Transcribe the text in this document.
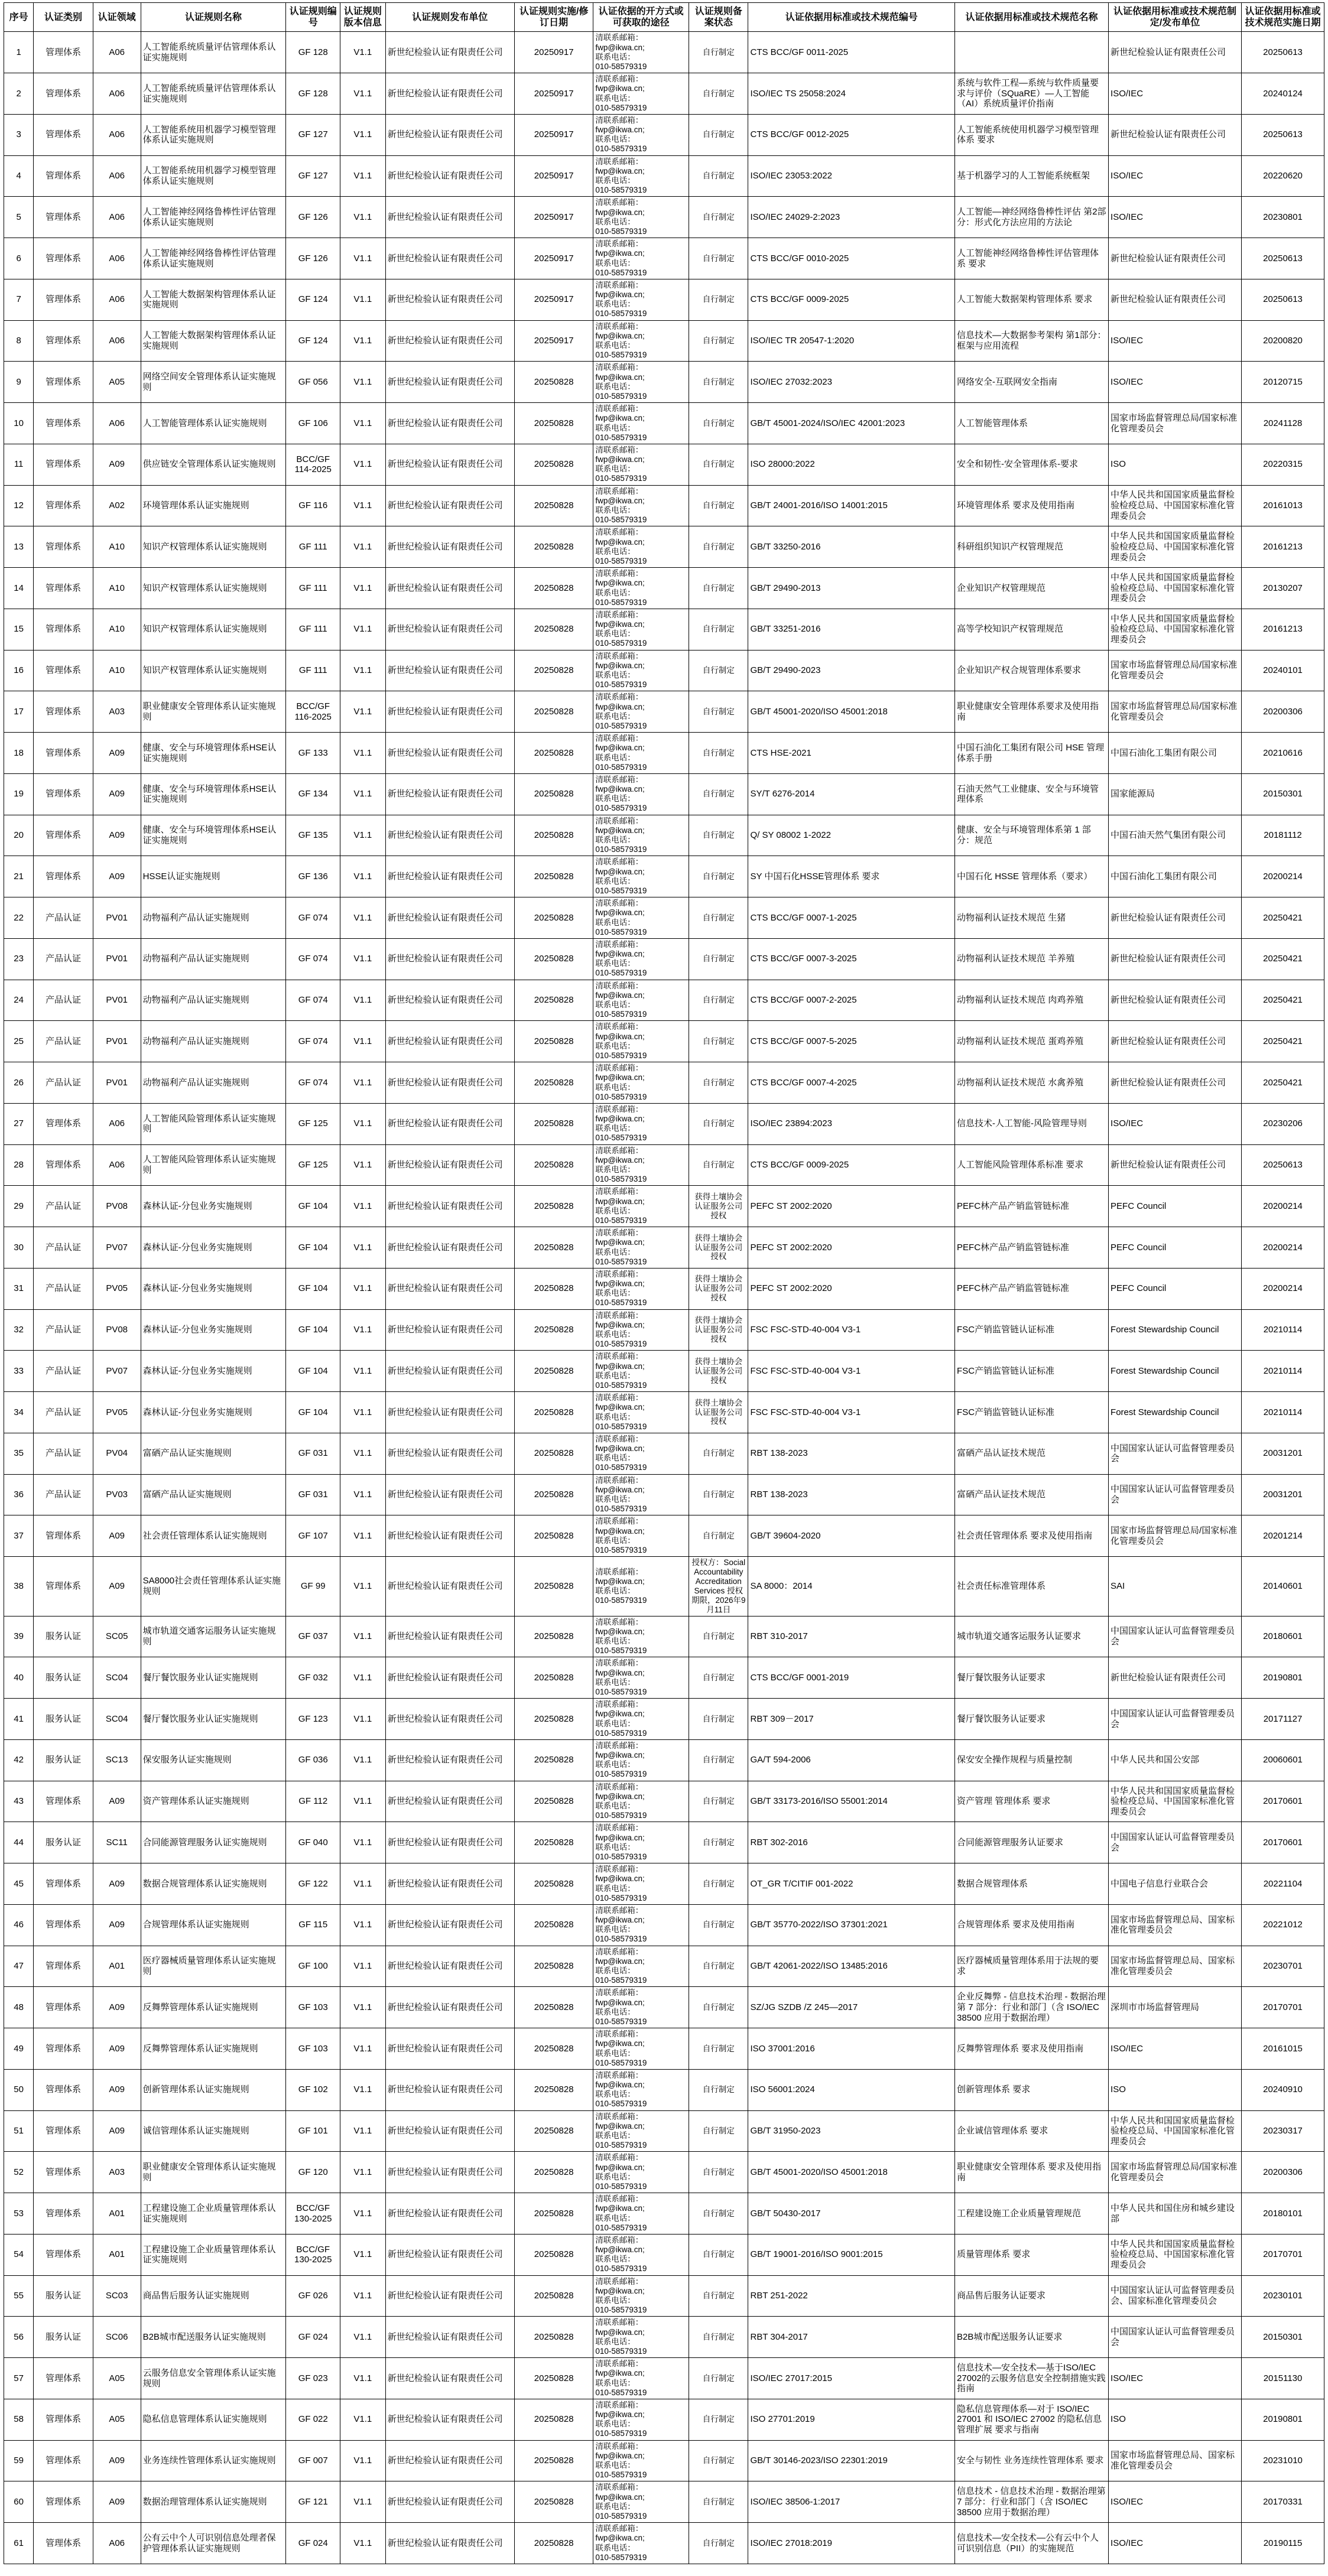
序号	认证类别	认证领域	认证规则名称	认证规则编号	认证规则版本信息	认证规则发布单位	认证规则实施/修订日期	认证依据的开方式或可获取的途径	认证规则备案状态	认证依据用标准或技术规范编号	认证依据用标准或技术规范名称	认证依据用标准或技术规范制定/发布单位	认证依据用标准或技术规范实施日期
1	管理体系	A06	人工智能系统质量评估管理体系认证实施规则	GF 128	V1.1	新世纪检验认证有限责任公司	20250917	清联系邮箱：
fwp@ikwa.cn;
联系电话：
010-58579319	自行制定	CTS BCC/GF 0011-2025		新世纪检验认证有限责任公司	20250613
2	管理体系	A06	人工智能系统质量评估管理体系认证实施规则	GF 128	V1.1	新世纪检验认证有限责任公司	20250917	清联系邮箱：
fwp@ikwa.cn;
联系电话：
010-58579319	自行制定	ISO/IEC TS 25058:2024	系统与软件工程—系统与软件质量要求与评价（SQuaRE）—人工智能（AI）系统质量评价指南	ISO/IEC	20240124
3	管理体系	A06	人工智能系统用机器学习模型管理体系认证实施规则	GF 127	V1.1	新世纪检验认证有限责任公司	20250917	清联系邮箱：
fwp@ikwa.cn;
联系电话：
010-58579319	自行制定	CTS BCC/GF 0012-2025	人工智能系统使用机器学习模型管理体系 要求	新世纪检验认证有限责任公司	20250613
4	管理体系	A06	人工智能系统用机器学习模型管理体系认证实施规则	GF 127	V1.1	新世纪检验认证有限责任公司	20250917	清联系邮箱：
fwp@ikwa.cn;
联系电话：
010-58579319	自行制定	ISO/IEC 23053:2022	基于机器学习的人工智能系统框架	ISO/IEC	20220620
5	管理体系	A06	人工智能神经网络鲁棒性评估管理体系认证实施规则	GF 126	V1.1	新世纪检验认证有限责任公司	20250917	清联系邮箱：
fwp@ikwa.cn;
联系电话：
010-58579319	自行制定	ISO/IEC 24029-2:2023	人工智能—神经网络鲁棒性评估 第2部分：形式化方法应用的方法论	ISO/IEC	20230801
6	管理体系	A06	人工智能神经网络鲁棒性评估管理体系认证实施规则	GF 126	V1.1	新世纪检验认证有限责任公司	20250917	清联系邮箱：
fwp@ikwa.cn;
联系电话：
010-58579319	自行制定	CTS BCC/GF 0010-2025	人工智能神经网络鲁棒性评估管理体系 要求	新世纪检验认证有限责任公司	20250613
7	管理体系	A06	人工智能大数据架构管理体系认证实施规则	GF 124	V1.1	新世纪检验认证有限责任公司	20250917	清联系邮箱：
fwp@ikwa.cn;
联系电话：
010-58579319	自行制定	CTS BCC/GF 0009-2025	人工智能大数据架构管理体系 要求	新世纪检验认证有限责任公司	20250613
8	管理体系	A06	人工智能大数据架构管理体系认证实施规则	GF 124	V1.1	新世纪检验认证有限责任公司	20250917	清联系邮箱：
fwp@ikwa.cn;
联系电话：
010-58579319	自行制定	ISO/IEC TR 20547-1:2020	信息技术—大数据参考架构 第1部分：框架与应用流程	ISO/IEC	20200820
9	管理体系	A05	网络空间安全管理体系认证实施规则	GF 056	V1.1	新世纪检验认证有限责任公司	20250828	清联系邮箱：
fwp@ikwa.cn;
联系电话：
010-58579319	自行制定	ISO/IEC 27032:2023	网络安全-互联网安全指南	ISO/IEC	20120715
10	管理体系	A06	人工智能管理体系认证实施规则	GF 106	V1.1	新世纪检验认证有限责任公司	20250828	清联系邮箱：
fwp@ikwa.cn;
联系电话：
010-58579319	自行制定	GB/T 45001-2024/ISO/IEC 42001:2023	人工智能管理体系	国家市场监督管理总局/国家标准化管理委员会	20241128
11	管理体系	A09	供应链安全管理体系认证实施规则	BCC/GF 114-2025	V1.1	新世纪检验认证有限责任公司	20250828	清联系邮箱：
fwp@ikwa.cn;
联系电话：
010-58579319	自行制定	ISO 28000:2022	安全和韧性-安全管理体系-要求	ISO	20220315
12	管理体系	A02	环境管理体系认证实施规则	GF 116	V1.1	新世纪检验认证有限责任公司	20250828	清联系邮箱：
fwp@ikwa.cn;
联系电话：
010-58579319	自行制定	GB/T 24001-2016/ISO 14001:2015	环境管理体系 要求及使用指南	中华人民共和国国家质量监督检验检疫总局、中国国家标准化管理委员会	20161013
13	管理体系	A10	知识产权管理体系认证实施规则	GF 111	V1.1	新世纪检验认证有限责任公司	20250828	清联系邮箱：
fwp@ikwa.cn;
联系电话：
010-58579319	自行制定	GB/T 33250-2016	科研组织知识产权管理规范	中华人民共和国国家质量监督检验检疫总局、中国国家标准化管理委员会	20161213
14	管理体系	A10	知识产权管理体系认证实施规则	GF 111	V1.1	新世纪检验认证有限责任公司	20250828	清联系邮箱：
fwp@ikwa.cn;
联系电话：
010-58579319	自行制定	GB/T 29490-2013	企业知识产权管理规范	中华人民共和国国家质量监督检验检疫总局、中国国家标准化管理委员会	20130207
15	管理体系	A10	知识产权管理体系认证实施规则	GF 111	V1.1	新世纪检验认证有限责任公司	20250828	清联系邮箱：
fwp@ikwa.cn;
联系电话：
010-58579319	自行制定	GB/T 33251-2016	高等学校知识产权管理规范	中华人民共和国国家质量监督检验检疫总局、中国国家标准化管理委员会	20161213
16	管理体系	A10	知识产权管理体系认证实施规则	GF 111	V1.1	新世纪检验认证有限责任公司	20250828	清联系邮箱：
fwp@ikwa.cn;
联系电话：
010-58579319	自行制定	GB/T 29490-2023	企业知识产权合规管理体系要求	国家市场监督管理总局/国家标准化管理委员会	20240101
17	管理体系	A03	职业健康安全管理体系认证实施规则	BCC/GF 116-2025	V1.1	新世纪检验认证有限责任公司	20250828	清联系邮箱：
fwp@ikwa.cn;
联系电话：
010-58579319	自行制定	GB/T 45001-2020/ISO 45001:2018	职业健康安全管理体系要求及使用指南	国家市场监督管理总局/国家标准化管理委员会	20200306
18	管理体系	A09	健康、安全与环境管理体系HSE认证实施规则	GF 133	V1.1	新世纪检验认证有限责任公司	20250828	清联系邮箱：
fwp@ikwa.cn;
联系电话：
010-58579319	自行制定	CTS HSE-2021	中国石油化工集团有限公司 HSE 管理体系手册	中国石油化工集团有限公司	20210616
19	管理体系	A09	健康、安全与环境管理体系HSE认证实施规则	GF 134	V1.1	新世纪检验认证有限责任公司	20250828	清联系邮箱：
fwp@ikwa.cn;
联系电话：
010-58579319	自行制定	SY/T 6276-2014	石油天然气工业健康、安全与环境管理体系	国家能源局	20150301
20	管理体系	A09	健康、安全与环境管理体系HSE认证实施规则	GF 135	V1.1	新世纪检验认证有限责任公司	20250828	清联系邮箱：
fwp@ikwa.cn;
联系电话：
010-58579319	自行制定	Q/ SY 08002 1-2022	健康、安全与环境管理体系第 1 部分：规范	中国石油天然气集团有限公司	20181112
21	管理体系	A09	HSSE认证实施规则	GF 136	V1.1	新世纪检验认证有限责任公司	20250828	清联系邮箱：
fwp@ikwa.cn;
联系电话：
010-58579319	自行制定	SY 中国石化HSSE管理体系 要求	中国石化 HSSE 管理体系（要求）	中国石油化工集团有限公司	20200214
22	产品认证	PV01	动物福利产品认证实施规则	GF 074	V1.1	新世纪检验认证有限责任公司	20250828	清联系邮箱：
fwp@ikwa.cn;
联系电话：
010-58579319	自行制定	CTS BCC/GF 0007-1-2025	动物福利认证技术规范 生猪	新世纪检验认证有限责任公司	20250421
23	产品认证	PV01	动物福利产品认证实施规则	GF 074	V1.1	新世纪检验认证有限责任公司	20250828	清联系邮箱：
fwp@ikwa.cn;
联系电话：
010-58579319	自行制定	CTS BCC/GF 0007-3-2025	动物福利认证技术规范 羊养殖	新世纪检验认证有限责任公司	20250421
24	产品认证	PV01	动物福利产品认证实施规则	GF 074	V1.1	新世纪检验认证有限责任公司	20250828	清联系邮箱：
fwp@ikwa.cn;
联系电话：
010-58579319	自行制定	CTS BCC/GF 0007-2-2025	动物福利认证技术规范 肉鸡养殖	新世纪检验认证有限责任公司	20250421
25	产品认证	PV01	动物福利产品认证实施规则	GF 074	V1.1	新世纪检验认证有限责任公司	20250828	清联系邮箱：
fwp@ikwa.cn;
联系电话：
010-58579319	自行制定	CTS BCC/GF 0007-5-2025	动物福利认证技术规范 蛋鸡养殖	新世纪检验认证有限责任公司	20250421
26	产品认证	PV01	动物福利产品认证实施规则	GF 074	V1.1	新世纪检验认证有限责任公司	20250828	清联系邮箱：
fwp@ikwa.cn;
联系电话：
010-58579319	自行制定	CTS BCC/GF 0007-4-2025	动物福利认证技术规范 水禽养殖	新世纪检验认证有限责任公司	20250421
27	管理体系	A06	人工智能风险管理体系认证实施规则	GF 125	V1.1	新世纪检验认证有限责任公司	20250828	清联系邮箱：
fwp@ikwa.cn;
联系电话：
010-58579319	自行制定	ISO/IEC 23894:2023	信息技术-人工智能-风险管理导则	ISO/IEC	20230206
28	管理体系	A06	人工智能风险管理体系认证实施规则	GF 125	V1.1	新世纪检验认证有限责任公司	20250828	清联系邮箱：
fwp@ikwa.cn;
联系电话：
010-58579319	自行制定	CTS BCC/GF 0009-2025	人工智能风险管理体系标准 要求	新世纪检验认证有限责任公司	20250613
29	产品认证	PV08	森林认证-分包业务实施规则	GF 104	V1.1	新世纪检验认证有限责任公司	20250828	清联系邮箱：
fwp@ikwa.cn;
联系电话：
010-58579319	获得土壤协会认证服务公司授权	PEFC ST 2002:2020	PEFC林产品产销监管链标准	PEFC Council	20200214
30	产品认证	PV07	森林认证-分包业务实施规则	GF 104	V1.1	新世纪检验认证有限责任公司	20250828	清联系邮箱：
fwp@ikwa.cn;
联系电话：
010-58579319	获得土壤协会认证服务公司授权	PEFC ST 2002:2020	PEFC林产品产销监管链标准	PEFC Council	20200214
31	产品认证	PV05	森林认证-分包业务实施规则	GF 104	V1.1	新世纪检验认证有限责任公司	20250828	清联系邮箱：
fwp@ikwa.cn;
联系电话：
010-58579319	获得土壤协会认证服务公司授权	PEFC ST 2002:2020	PEFC林产品产销监管链标准	PEFC Council	20200214
32	产品认证	PV08	森林认证-分包业务实施规则	GF 104	V1.1	新世纪检验认证有限责任公司	20250828	清联系邮箱：
fwp@ikwa.cn;
联系电话：
010-58579319	获得土壤协会认证服务公司授权	FSC FSC-STD-40-004 V3-1	FSC产销监管链认证标准	Forest Stewardship Council	20210114
33	产品认证	PV07	森林认证-分包业务实施规则	GF 104	V1.1	新世纪检验认证有限责任公司	20250828	清联系邮箱：
fwp@ikwa.cn;
联系电话：
010-58579319	获得土壤协会认证服务公司授权	FSC FSC-STD-40-004 V3-1	FSC产销监管链认证标准	Forest Stewardship Council	20210114
34	产品认证	PV05	森林认证-分包业务实施规则	GF 104	V1.1	新世纪检验认证有限责任公司	20250828	清联系邮箱：
fwp@ikwa.cn;
联系电话：
010-58579319	获得土壤协会认证服务公司授权	FSC FSC-STD-40-004 V3-1	FSC产销监管链认证标准	Forest Stewardship Council	20210114
35	产品认证	PV04	富硒产品认证实施规则	GF 031	V1.1	新世纪检验认证有限责任公司	20250828	清联系邮箱：
fwp@ikwa.cn;
联系电话：
010-58579319	自行制定	RBT 138-2023	富硒产品认证技术规范	中国国家认证认可监督管理委员会	20031201
36	产品认证	PV03	富硒产品认证实施规则	GF 031	V1.1	新世纪检验认证有限责任公司	20250828	清联系邮箱：
fwp@ikwa.cn;
联系电话：
010-58579319	自行制定	RBT 138-2023	富硒产品认证技术规范	中国国家认证认可监督管理委员会	20031201
37	管理体系	A09	社会责任管理体系认证实施规则	GF 107	V1.1	新世纪检验认证有限责任公司	20250828	清联系邮箱：
fwp@ikwa.cn;
联系电话：
010-58579319	自行制定	GB/T 39604-2020	社会责任管理体系 要求及使用指南	国家市场监督管理总局/国家标准化管理委员会	20201214
38	管理体系	A09	SA8000社会责任管理体系认证实施规则	GF 99	V1.1	新世纪检验认证有限责任公司	20250828	清联系邮箱：
fwp@ikwa.cn;
联系电话：
010-58579319	授权方：Social Accountability Accreditation Services 授权期限，2026年9月11日	SA 8000：2014	社会责任标准管理体系	SAI	20140601
39	服务认证	SC05	城市轨道交通客运服务认证实施规则	GF 037	V1.1	新世纪检验认证有限责任公司	20250828	清联系邮箱：
fwp@ikwa.cn;
联系电话：
010-58579319	自行制定	RBT 310-2017	城市轨道交通客运服务认证要求	中国国家认证认可监督管理委员会	20180601
40	服务认证	SC04	餐厅餐饮服务业认证实施规则	GF 032	V1.1	新世纪检验认证有限责任公司	20250828	清联系邮箱：
fwp@ikwa.cn;
联系电话：
010-58579319	自行制定	CTS BCC/GF 0001-2019	餐厅餐饮服务认证要求	新世纪检验认证有限责任公司	20190801
41	服务认证	SC04	餐厅餐饮服务业认证实施规则	GF 123	V1.1	新世纪检验认证有限责任公司	20250828	清联系邮箱：
fwp@ikwa.cn;
联系电话：
010-58579319	自行制定	RBT 309－2017	餐厅餐饮服务认证要求	中国国家认证认可监督管理委员会	20171127
42	服务认证	SC13	保安服务认证实施规则	GF 036	V1.1	新世纪检验认证有限责任公司	20250828	清联系邮箱：
fwp@ikwa.cn;
联系电话：
010-58579319	自行制定	GA/T 594-2006	保安安全操作规程与质量控制	中华人民共和国公安部	20060601
43	管理体系	A09	资产管理体系认证实施规则	GF 112	V1.1	新世纪检验认证有限责任公司	20250828	清联系邮箱：
fwp@ikwa.cn;
联系电话：
010-58579319	自行制定	GB/T 33173-2016/ISO 55001:2014	资产管理 管理体系 要求	中华人民共和国国家质量监督检验检疫总局、中国国家标准化管理委员会	20170601
44	服务认证	SC11	合同能源管理服务认证实施规则	GF 040	V1.1	新世纪检验认证有限责任公司	20250828	清联系邮箱：
fwp@ikwa.cn;
联系电话：
010-58579319	自行制定	RBT 302-2016	合同能源管理服务认证要求	中国国家认证认可监督管理委员会	20170601
45	管理体系	A09	数据合规管理体系认证实施规则	GF 122	V1.1	新世纪检验认证有限责任公司	20250828	清联系邮箱：
fwp@ikwa.cn;
联系电话：
010-58579319	自行制定	OT_GR T/CITIF 001-2022	数据合规管理体系	中国电子信息行业联合会	20221104
46	管理体系	A09	合规管理体系认证实施规则	GF 115	V1.1	新世纪检验认证有限责任公司	20250828	清联系邮箱：
fwp@ikwa.cn;
联系电话：
010-58579319	自行制定	GB/T 35770-2022/ISO 37301:2021	合规管理体系 要求及使用指南	国家市场监督管理总局、国家标准化管理委员会	20221012
47	管理体系	A01	医疗器械质量管理体系认证实施规则	GF 100	V1.1	新世纪检验认证有限责任公司	20250828	清联系邮箱：
fwp@ikwa.cn;
联系电话：
010-58579319	自行制定	GB/T 42061-2022/ISO 13485:2016	医疗器械质量管理体系用于法规的要求	国家市场监督管理总局、国家标准化管理委员会	20230701
48	管理体系	A09	反舞弊管理体系认证实施规则	GF 103	V1.1	新世纪检验认证有限责任公司	20250828	清联系邮箱：
fwp@ikwa.cn;
联系电话：
010-58579319	自行制定	SZ/JG SZDB /Z 245—2017	企业反舞弊 - 信息技术治理 - 数据治理第 7 部分：行业和部门（含 ISO/IEC 38500 应用于数据治理）	深圳市市场监督管理局	20170701
49	管理体系	A09	反舞弊管理体系认证实施规则	GF 103	V1.1	新世纪检验认证有限责任公司	20250828	清联系邮箱：
fwp@ikwa.cn;
联系电话：
010-58579319	自行制定	ISO 37001:2016	反舞弊管理体系 要求及使用指南	ISO/IEC	20161015
50	管理体系	A09	创新管理体系认证实施规则	GF 102	V1.1	新世纪检验认证有限责任公司	20250828	清联系邮箱：
fwp@ikwa.cn;
联系电话：
010-58579319	自行制定	ISO 56001:2024	创新管理体系 要求	ISO	20240910
51	管理体系	A09	诚信管理体系认证实施规则	GF 101	V1.1	新世纪检验认证有限责任公司	20250828	清联系邮箱：
fwp@ikwa.cn;
联系电话：
010-58579319	自行制定	GB/T 31950-2023	企业诚信管理体系 要求	中华人民共和国国家质量监督检验检疫总局、中国国家标准化管理委员会	20230317
52	管理体系	A03	职业健康安全管理体系认证实施规则	GF 120	V1.1	新世纪检验认证有限责任公司	20250828	清联系邮箱：
fwp@ikwa.cn;
联系电话：
010-58579319	自行制定	GB/T 45001-2020/ISO 45001:2018	职业健康安全管理体系 要求及使用指南	国家市场监督管理总局/国家标准化管理委员会	20200306
53	管理体系	A01	工程建设施工企业质量管理体系认证实施规则	BCC/GF 130-2025	V1.1	新世纪检验认证有限责任公司	20250828	清联系邮箱：
fwp@ikwa.cn;
联系电话：
010-58579319	自行制定	GB/T 50430-2017	工程建设施工企业质量管理规范	中华人民共和国住房和城乡建设部	20180101
54	管理体系	A01	工程建设施工企业质量管理体系认证实施规则	BCC/GF 130-2025	V1.1	新世纪检验认证有限责任公司	20250828	清联系邮箱：
fwp@ikwa.cn;
联系电话：
010-58579319	自行制定	GB/T 19001-2016/ISO 9001:2015	质量管理体系 要求	中华人民共和国国家质量监督检验检疫总局、中国国家标准化管理委员会	20170701
55	服务认证	SC03	商品售后服务认证实施规则	GF 026	V1.1	新世纪检验认证有限责任公司	20250828	清联系邮箱：
fwp@ikwa.cn;
联系电话：
010-58579319	自行制定	RBT 251-2022	商品售后服务认证要求	中国国家认证认可监督管理委员会、国家标准化管理委员会	20230101
56	服务认证	SC06	B2B城市配送服务认证实施规则	GF 024	V1.1	新世纪检验认证有限责任公司	20250828	清联系邮箱：
fwp@ikwa.cn;
联系电话：
010-58579319	自行制定	RBT 304-2017	B2B城市配送服务认证要求	中国国家认证认可监督管理委员会	20150301
57	管理体系	A05	云服务信息安全管理体系认证实施规则	GF 023	V1.1	新世纪检验认证有限责任公司	20250828	清联系邮箱：
fwp@ikwa.cn;
联系电话：
010-58579319	自行制定	ISO/IEC 27017:2015	信息技术—安全技术—基于ISO/IEC 27002的云服务信息安全控制措施实践指南	ISO/IEC	20151130
58	管理体系	A05	隐私信息管理体系认证实施规则	GF 022	V1.1	新世纪检验认证有限责任公司	20250828	清联系邮箱：
fwp@ikwa.cn;
联系电话：
010-58579319	自行制定	ISO 27701:2019	隐私信息管理体系—对于 ISO/IEC 27001 和 ISO/IEC 27002 的隐私信息管理扩展 要求与指南	ISO	20190801
59	管理体系	A09	业务连续性管理体系认证实施规则	GF 007	V1.1	新世纪检验认证有限责任公司	20250828	清联系邮箱：
fwp@ikwa.cn;
联系电话：
010-58579319	自行制定	GB/T 30146-2023/ISO 22301:2019	安全与韧性 业务连续性管理体系 要求	国家市场监督管理总局、国家标准化管理委员会	20231010
60	管理体系	A09	数据治理管理体系认证实施规则	GF 121	V1.1	新世纪检验认证有限责任公司	20250828	清联系邮箱：
fwp@ikwa.cn;
联系电话：
010-58579319	自行制定	ISO/IEC 38506-1:2017	信息技术 - 信息技术治理 - 数据治理第 7 部分：行业和部门（含 ISO/IEC 38500 应用于数据治理）	ISO/IEC	20170331
61	管理体系	A06	公有云中个人可识别信息处理者保护管理体系认证实施规则	GF 024	V1.1	新世纪检验认证有限责任公司	20250828	清联系邮箱：
fwp@ikwa.cn;
联系电话：
010-58579319	自行制定	ISO/IEC 27018:2019	信息技术—安全技术—公有云中个人可识别信息（PII）的实施规范	ISO/IEC	20190115
